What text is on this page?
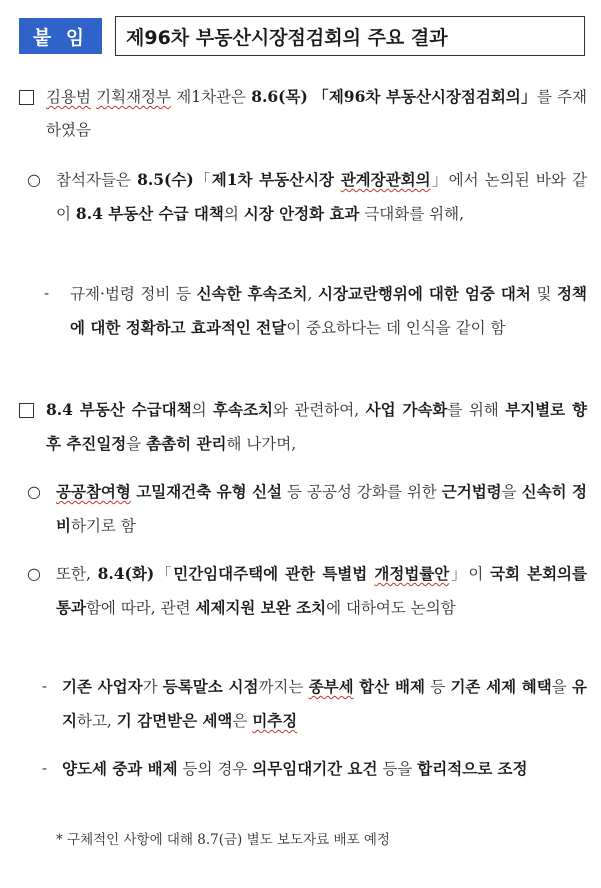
붙 임	제96차 부동산시장점검회의 주요 결과
김용범 기획재정부 제1차관은 8.6(목) 「제96차 부동산시장점검회의」를 주재하였음
○ 참석자들은 8.5(수)「제1차 부동산시장 관계장관회의」에서 논의된 바와 같이 8.4 부동산 수급 대책의 시장 안정화 효과 극대화를 위해,
- 규제·법령 정비 등 신속한 후속조치, 시장교란행위에 대한 엄중 대처 및 정책에 대한 정확하고 효과적인 전달이 중요하다는 데 인식을 같이 함
8.4 부동산 수급대책의 후속조치와 관련하여, 사업 가속화를 위해 부지별로 향후 추진일정을 촘촘히 관리해 나가며,
○ 공공참여형 고밀재건축 유형 신설 등 공공성 강화를 위한 근거법령을 신속히 정비하기로 함
○ 또한, 8.4(화)「민간임대주택에 관한 특별법 개정법률안」이 국회 본회의를 통과함에 따라, 관련 세제지원 보완 조치에 대하여도 논의함
- 기존 사업자가 등록말소 시점까지는 종부세 합산 배제 등 기존 세제 혜택을 유지하고, 기 감면받은 세액은 미추징
- 양도세 중과 배제 등의 경우 의무임대기간 요건 등을 합리적으로 조정
* 구체적인 사항에 대해 8.7(금) 별도 보도자료 배포 예정
